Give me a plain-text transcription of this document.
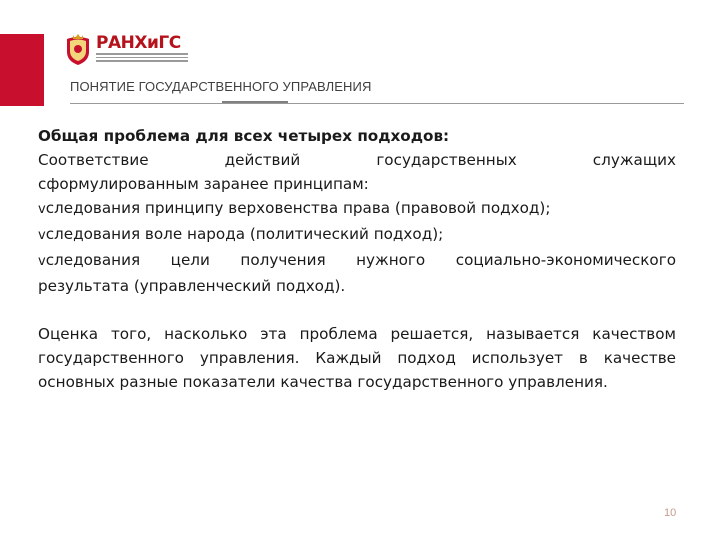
РАНХиГС
ПОНЯТИЕ ГОСУДАРСТВЕННОГО УПРАВЛЕНИЯ

Общая проблема для всех четырех подходов:

Соответствие действий государственных служащих

сформулированным заранее принципам:

vследования принципу верховенства права (правовой подход);

vследования воле народа (политический подход);

vследования цели получения нужного социально-экономического

результата (управленческий подход).

Оценка того, насколько эта проблема решается, называется качеством государственного управления. Каждый подход использует в качестве основных разные показатели качества государственного управления.

10
